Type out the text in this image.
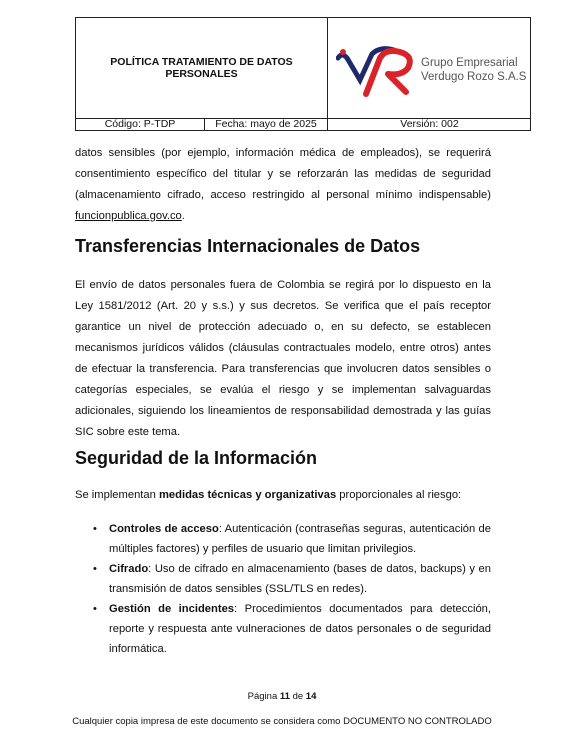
POLÍTICA TRATAMIENTO DE DATOS
PERSONALES
Grupo Empresarial
Verdugo Rozo S.A.S
Código: P-TDP	Fecha: mayo de 2025	Versión: 002
datos sensibles (por ejemplo, información médica de empleados), se requerirá consentimiento específico del titular y se reforzarán las medidas de seguridad (almacenamiento cifrado, acceso restringido al personal mínimo indispensable) funcionpublica.gov.co.
Transferencias Internacionales de Datos
El envío de datos personales fuera de Colombia se regirá por lo dispuesto en la Ley 1581/2012 (Art. 20 y s.s.) y sus decretos. Se verifica que el país receptor garantice un nivel de protección adecuado o, en su defecto, se establecen mecanismos jurídicos válidos (cláusulas contractuales modelo, entre otros) antes de efectuar la transferencia. Para transferencias que involucren datos sensibles o categorías especiales, se evalúa el riesgo y se implementan salvaguardas adicionales, siguiendo los lineamientos de responsabilidad demostrada y las guías SIC sobre este tema.
Seguridad de la Información
Se implementan medidas técnicas y organizativas proporcionales al riesgo:
• Controles de acceso: Autenticación (contraseñas seguras, autenticación de múltiples factores) y perfiles de usuario que limitan privilegios.
• Cifrado: Uso de cifrado en almacenamiento (bases de datos, backups) y en transmisión de datos sensibles (SSL/TLS en redes).
• Gestión de incidentes: Procedimientos documentados para detección, reporte y respuesta ante vulneraciones de datos personales o de seguridad informática.
Página 11 de 14
Cualquier copia impresa de este documento se considera como DOCUMENTO NO CONTROLADO
